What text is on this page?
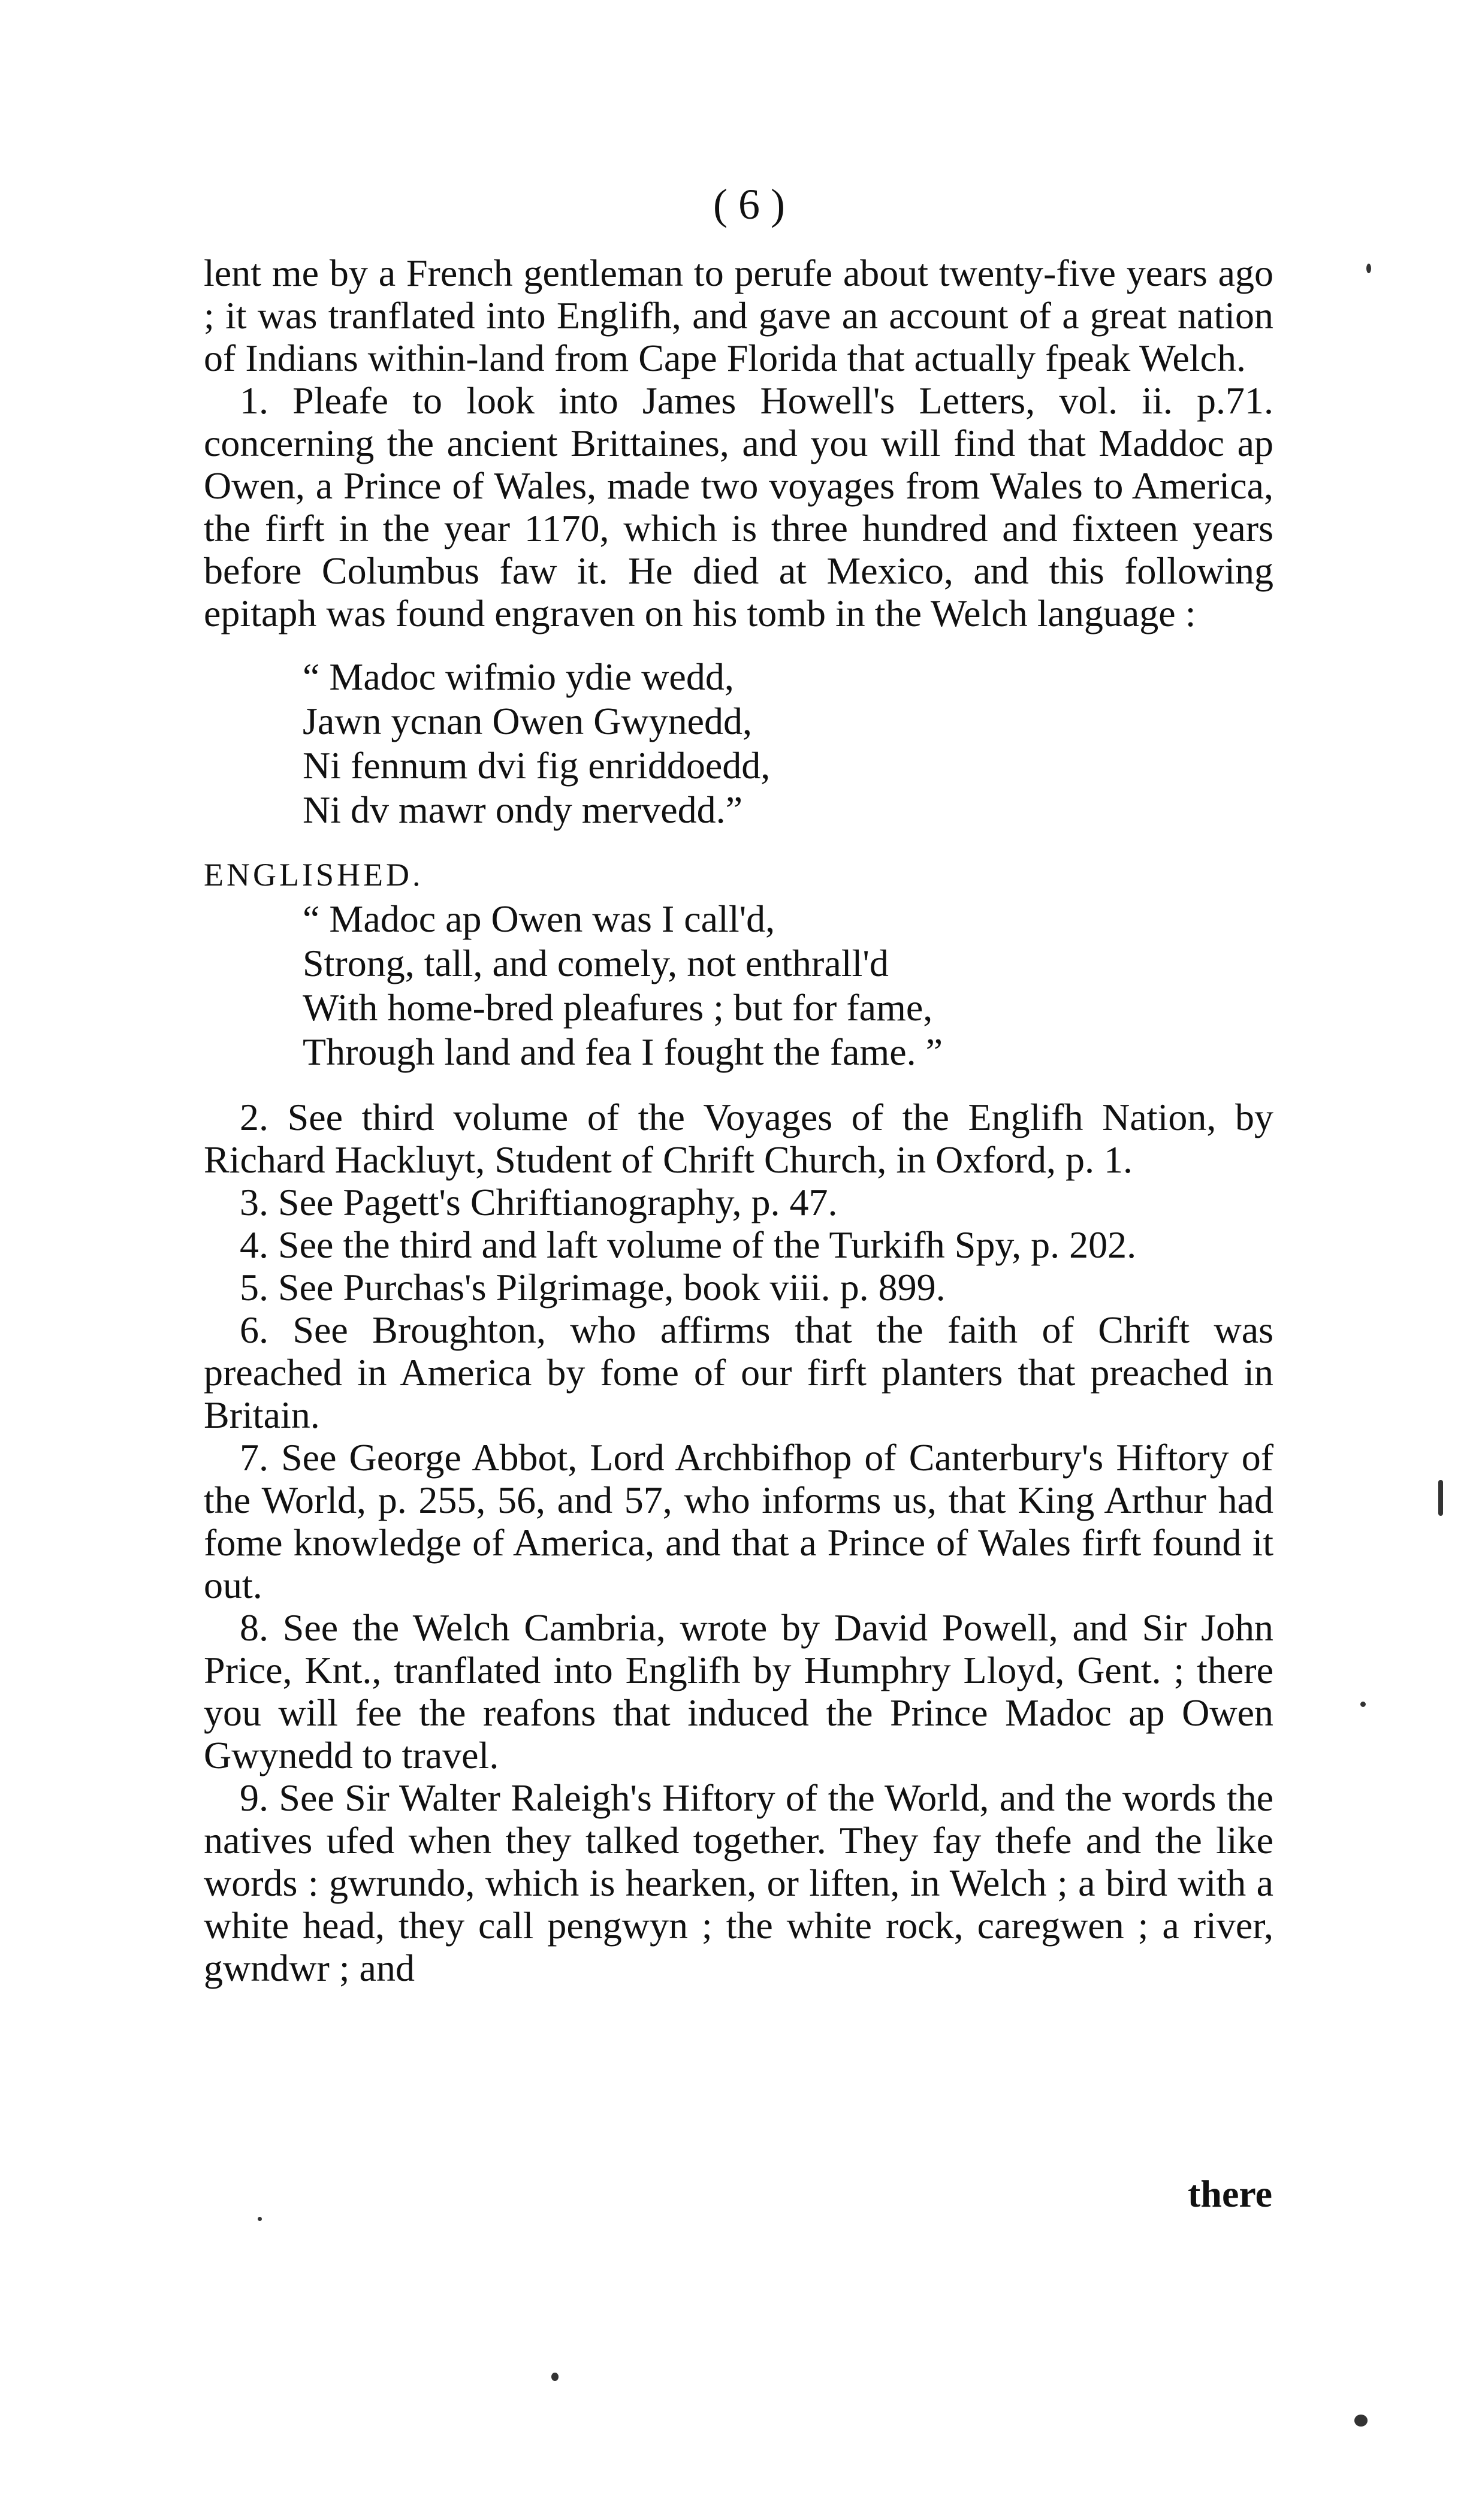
( 6 )

lent me by a French gentleman to perufe about twenty-five years ago ; it was tranflated into Englifh, and gave an account of a great nation of Indians within-land from Cape Florida that actually fpeak Welch.

1. Pleafe to look into James Howell's Letters, vol. ii. p.71. concerning the ancient Brittaines, and you will find that Maddoc ap Owen, a Prince of Wales, made two voyages from Wales to America, the firft in the year 1170, which is three hundred and fixteen years before Columbus faw it. He died at Mexico, and this following epitaph was found engraven on his tomb in the Welch language :

“ Madoc wifmio ydie wedd,
Jawn ycnan Owen Gwynedd,
Ni fennum dvi fig enriddoedd,
Ni dv mawr ondy mervedd.”

ENGLISHED.

“ Madoc ap Owen was I call'd,
Strong, tall, and comely, not enthrall'd
With home-bred pleafures ; but for fame,
Through land and fea I fought the fame. ”

2. See third volume of the Voyages of the Englifh Nation, by Richard Hackluyt, Student of Chrift Church, in Oxford, p. 1.

3. See Pagett's Chriftianography, p. 47.

4. See the third and laft volume of the Turkifh Spy, p. 202.

5. See Purchas's Pilgrimage, book viii. p. 899.

6. See Broughton, who affirms that the faith of Chrift was preached in America by fome of our firft planters that preached in Britain.

7. See George Abbot, Lord Archbifhop of Canterbury's Hiftory of the World, p. 255, 56, and 57, who informs us, that King Arthur had fome knowledge of America, and that a Prince of Wales firft found it out.

8. See the Welch Cambria, wrote by David Powell, and Sir John Price, Knt., tranflated into Englifh by Humphry Lloyd, Gent. ; there you will fee the reafons that induced the Prince Madoc ap Owen Gwynedd to travel.

9. See Sir Walter Raleigh's Hiftory of the World, and the words the natives ufed when they talked together. They fay thefe and the like words : gwrundo, which is hearken, or liften, in Welch ; a bird with a white head, they call pengwyn ; the white rock, caregwen ; a river, gwndwr ; and

there
